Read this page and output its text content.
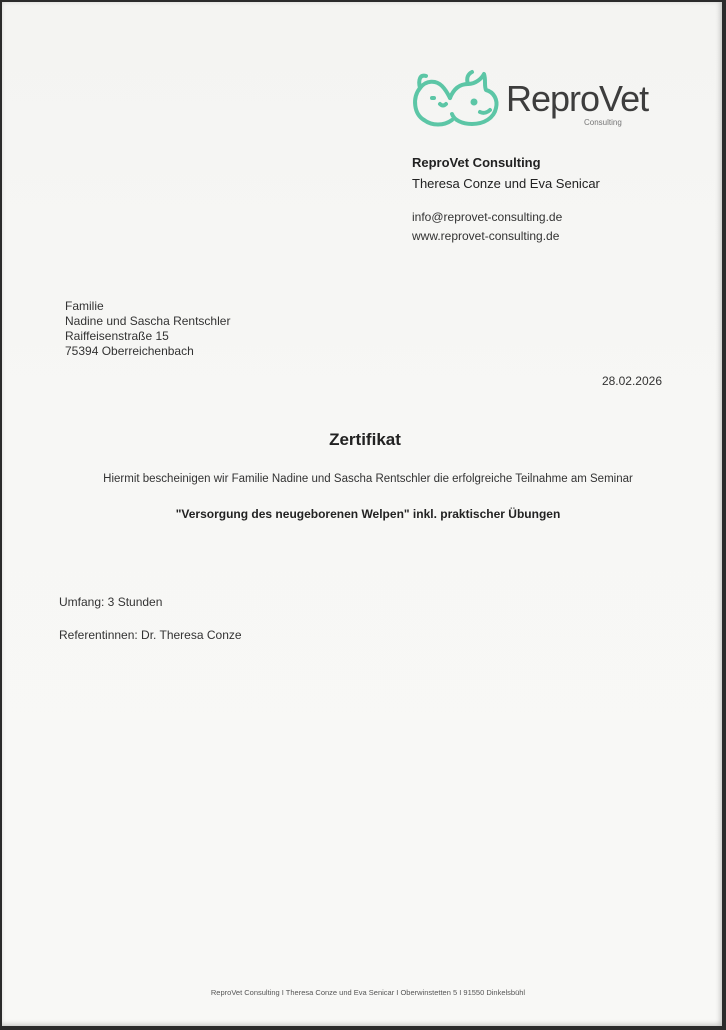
ReproVet
Consulting
ReproVet Consulting
Theresa Conze und Eva Senicar
info@reprovet-consulting.de
www.reprovet-consulting.de
Familie
Nadine und Sascha Rentschler
Raiffeisenstraße 15
75394 Oberreichenbach
28.02.2026
Zertifikat
Hiermit bescheinigen wir Familie Nadine und Sascha Rentschler die erfolgreiche Teilnahme am Seminar
"Versorgung des neugeborenen Welpen" inkl. praktischer Übungen
Umfang: 3 Stunden
Referentinnen: Dr. Theresa Conze
ReproVet Consulting I Theresa Conze und Eva Senicar I Oberwinstetten 5 I 91550 Dinkelsbühl
